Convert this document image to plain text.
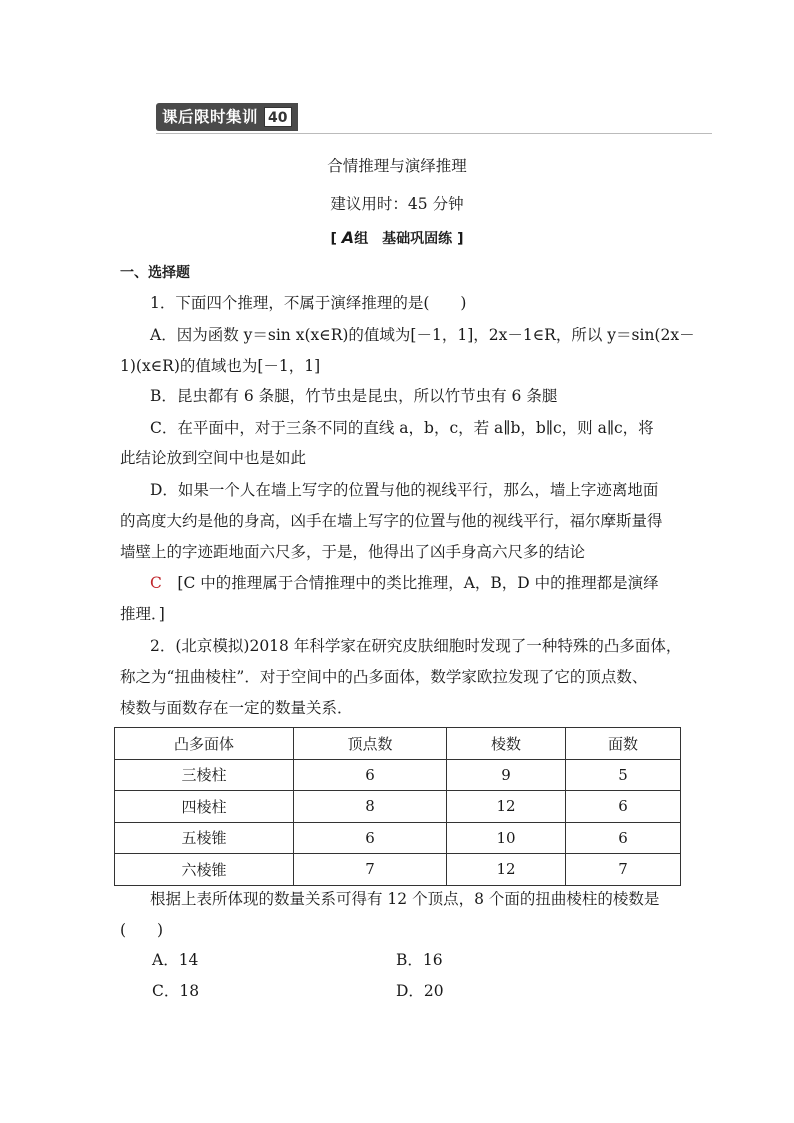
课后限时集训 40
合情推理与演绎推理
建议用时：45 分钟
[ A组　基础巩固练 ]
一、选择题
1．下面四个推理，不属于演绎推理的是(　　)
A．因为函数 y＝sin x(x∈R)的值域为[－1，1]，2x－1∈R，所以 y＝sin(2x－
1)(x∈R)的值域也为[－1，1]
B．昆虫都有 6 条腿，竹节虫是昆虫，所以竹节虫有 6 条腿
C．在平面中，对于三条不同的直线 a，b，c，若 a∥b，b∥c，则 a∥c，将
此结论放到空间中也是如此
D．如果一个人在墙上写字的位置与他的视线平行，那么，墙上字迹离地面
的高度大约是他的身高，凶手在墙上写字的位置与他的视线平行，福尔摩斯量得
墙壁上的字迹距地面六尺多，于是，他得出了凶手身高六尺多的结论
C　 [C 中的推理属于合情推理中的类比推理，A，B，D 中的推理都是演绎
推理．]
2．(北京模拟)2018 年科学家在研究皮肤细胞时发现了一种特殊的凸多面体，
称之为“扭曲棱柱”．对于空间中的凸多面体，数学家欧拉发现了它的顶点数、
棱数与面数存在一定的数量关系．
凸多面体	顶点数	棱数	面数
三棱柱	6	9	5
四棱柱	8	12	6
五棱锥	6	10	6
六棱锥	7	12	7
根据上表所体现的数量关系可得有 12 个顶点，8 个面的扭曲棱柱的棱数是
(　　)
A．14	B．16
C．18	D．20
